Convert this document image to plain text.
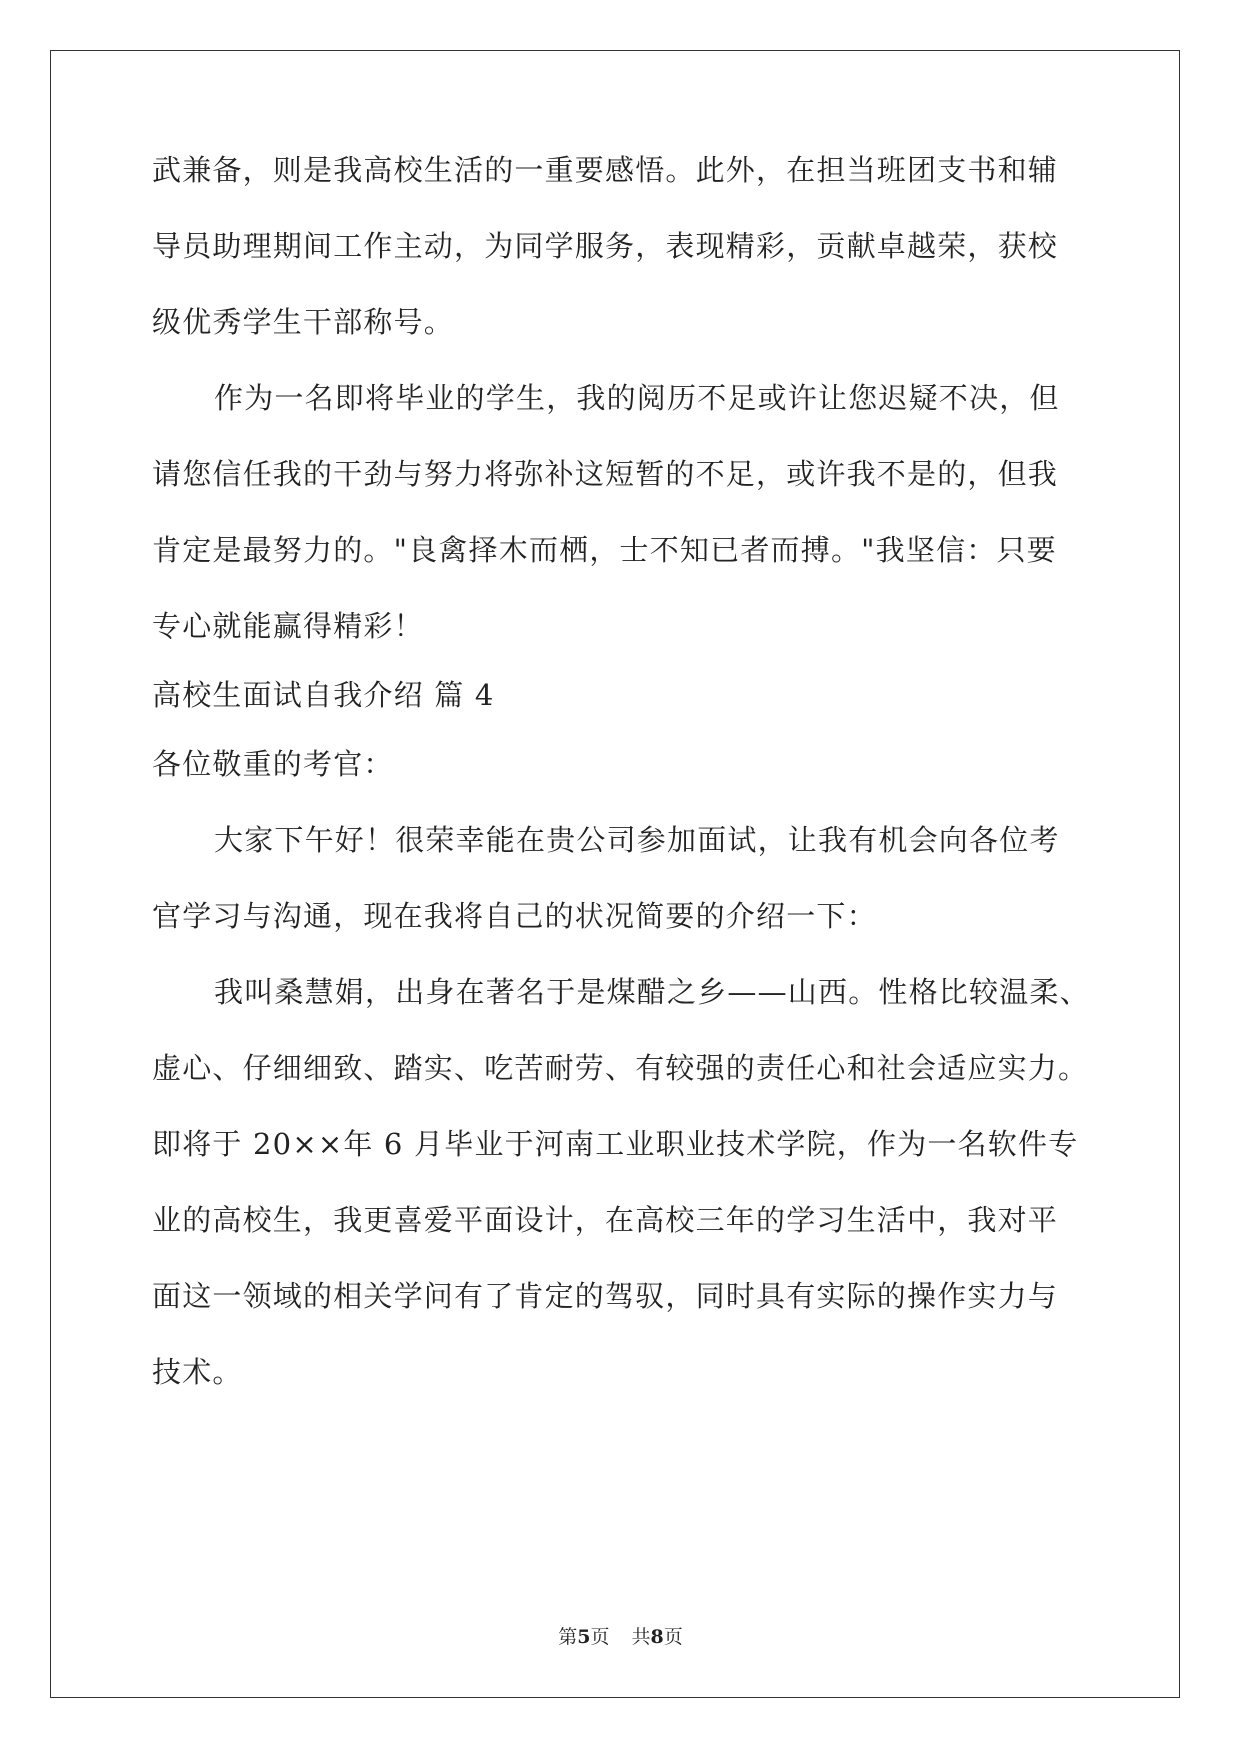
武兼备，则是我高校生活的一重要感悟。此外，在担当班团支书和辅
导员助理期间工作主动，为同学服务，表现精彩，贡献卓越荣，获校
级优秀学生干部称号。
作为一名即将毕业的学生，我的阅历不足或许让您迟疑不决，但
请您信任我的干劲与努力将弥补这短暂的不足，或许我不是的，但我
肯定是最努力的。"良禽择木而栖，士不知已者而搏。"我坚信：只要
专心就能赢得精彩！
高校生面试自我介绍 篇 4
各位敬重的考官：
大家下午好！很荣幸能在贵公司参加面试，让我有机会向各位考
官学习与沟通，现在我将自己的状况简要的介绍一下：
我叫桑慧娟，出身在著名于是煤醋之乡——山西。性格比较温柔、
虚心、仔细细致、踏实、吃苦耐劳、有较强的责任心和社会适应实力。
即将于 20××年 6 月毕业于河南工业职业技术学院，作为一名软件专
业的高校生，我更喜爱平面设计，在高校三年的学习生活中，我对平
面这一领域的相关学问有了肯定的驾驭，同时具有实际的操作实力与
技术。
第5页 共8页
